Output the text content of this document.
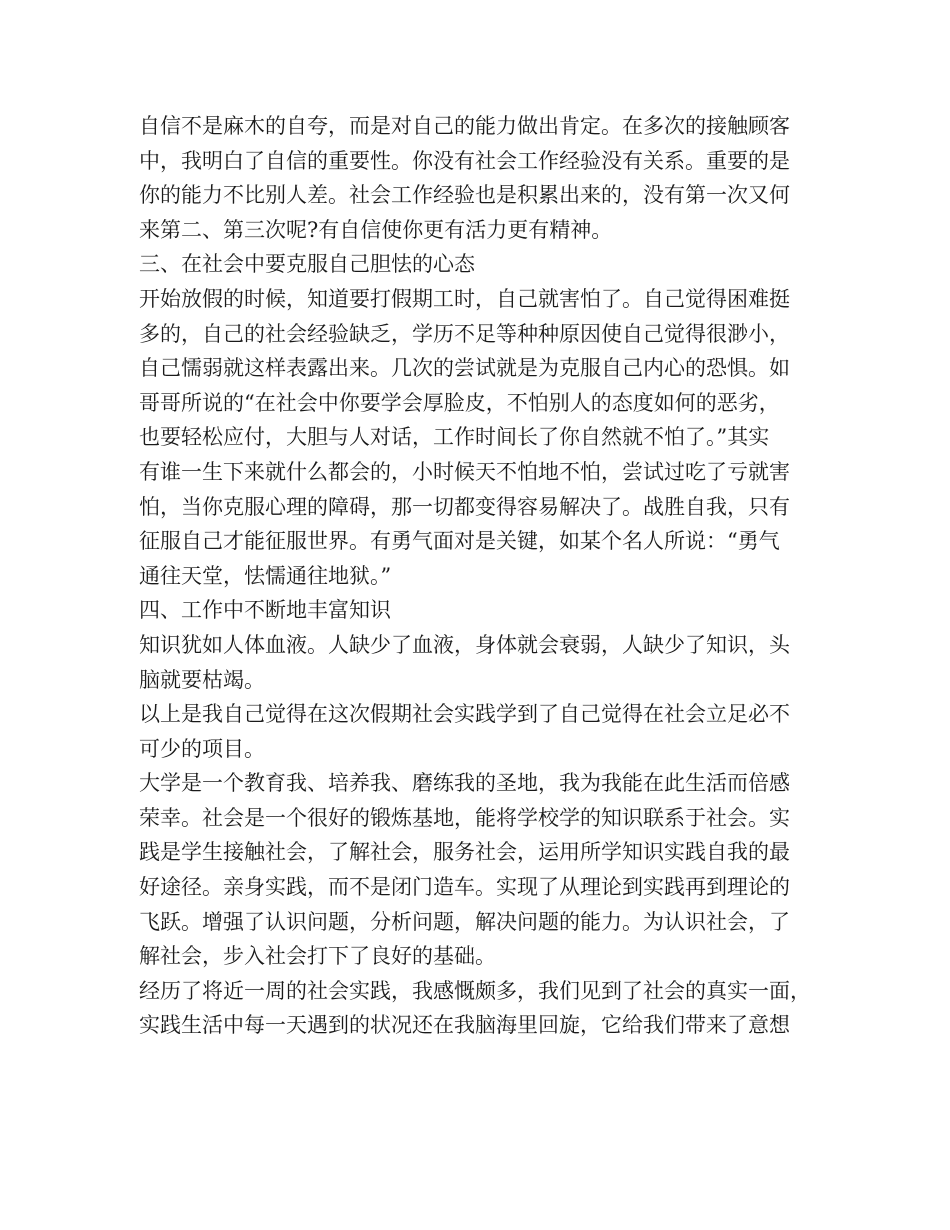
自信不是麻木的自夸，而是对自己的能力做出肯定。在多次的接触顾客
中，我明白了自信的重要性。你没有社会工作经验没有关系。重要的是
你的能力不比别人差。社会工作经验也是积累出来的，没有第一次又何
来第二、第三次呢?有自信使你更有活力更有精神。
三、在社会中要克服自己胆怯的心态
开始放假的时候，知道要打假期工时，自己就害怕了。自己觉得困难挺
多的，自己的社会经验缺乏，学历不足等种种原因使自己觉得很渺小，
自己懦弱就这样表露出来。几次的尝试就是为克服自己内心的恐惧。如
哥哥所说的“在社会中你要学会厚脸皮，不怕别人的态度如何的恶劣，
也要轻松应付，大胆与人对话，工作时间长了你自然就不怕了。”其实
有谁一生下来就什么都会的，小时候天不怕地不怕，尝试过吃了亏就害
怕，当你克服心理的障碍，那一切都变得容易解决了。战胜自我，只有
征服自己才能征服世界。有勇气面对是关键，如某个名人所说：“勇气
通往天堂，怯懦通往地狱。”
四、工作中不断地丰富知识
知识犹如人体血液。人缺少了血液，身体就会衰弱，人缺少了知识，头
脑就要枯竭。
以上是我自己觉得在这次假期社会实践学到了自己觉得在社会立足必不
可少的项目。
大学是一个教育我、培养我、磨练我的圣地，我为我能在此生活而倍感
荣幸。社会是一个很好的锻炼基地，能将学校学的知识联系于社会。实
践是学生接触社会，了解社会，服务社会，运用所学知识实践自我的最
好途径。亲身实践，而不是闭门造车。实现了从理论到实践再到理论的
飞跃。增强了认识问题，分析问题，解决问题的能力。为认识社会，了
解社会，步入社会打下了良好的基础。
经历了将近一周的社会实践，我感慨颇多，我们见到了社会的真实一面，
实践生活中每一天遇到的状况还在我脑海里回旋，它给我们带来了意想
